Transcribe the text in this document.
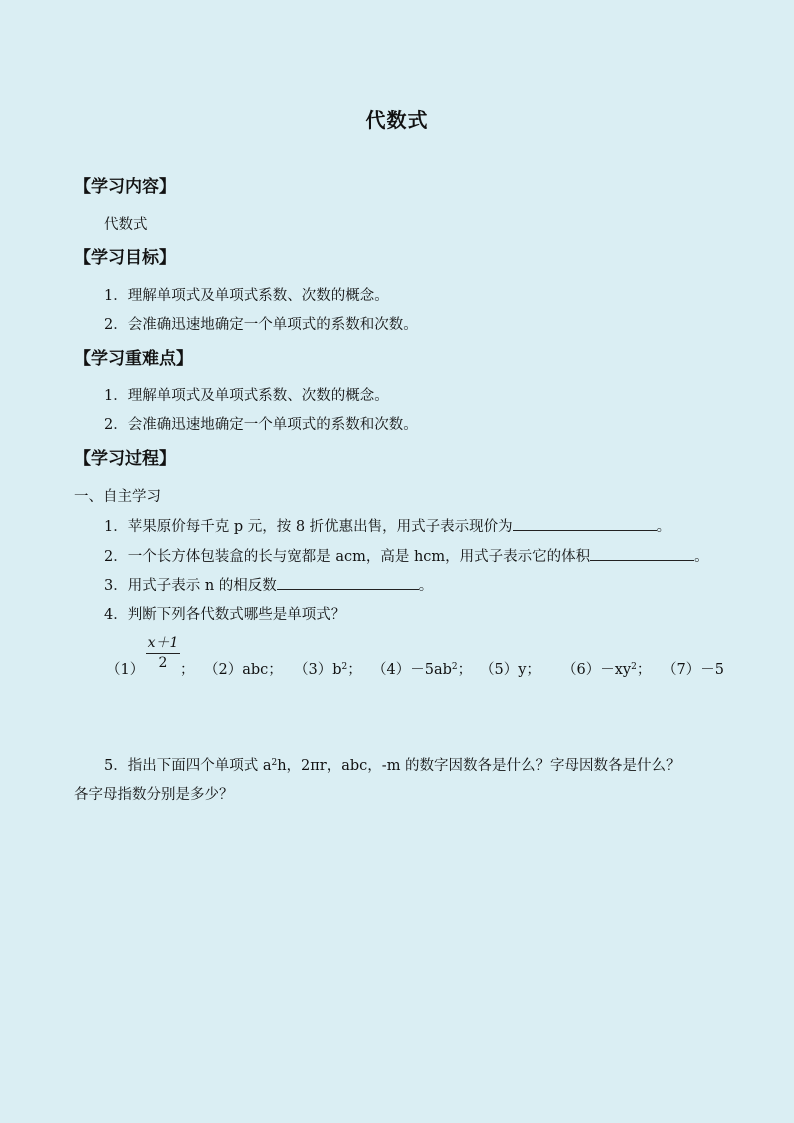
代数式
【学习内容】
代数式
【学习目标】
1．理解单项式及单项式系数、次数的概念。
2．会准确迅速地确定一个单项式的系数和次数。
【学习重难点】
1．理解单项式及单项式系数、次数的概念。
2．会准确迅速地确定一个单项式的系数和次数。
【学习过程】
一、自主学习
1．苹果原价每千克 p 元，按 8 折优惠出售，用式子表示现价为	。
2．一个长方体包装盒的长与宽都是 acm，高是 hcm，用式子表示它的体积	。
3．用式子表示 n 的相反数	。
4．判断下列各代数式哪些是单项式？
x＋1
2
（1） ； （2）abc； $(3)b^2$； $(4)-5ab^2$； （5）y； $(6)-xy^2$； （7）－5
5．指出下面四个单项式 $a^2h$，2πr，abc，-m 的数字因数各是什么？字母因数各是什么？
各字母指数分别是多少？
